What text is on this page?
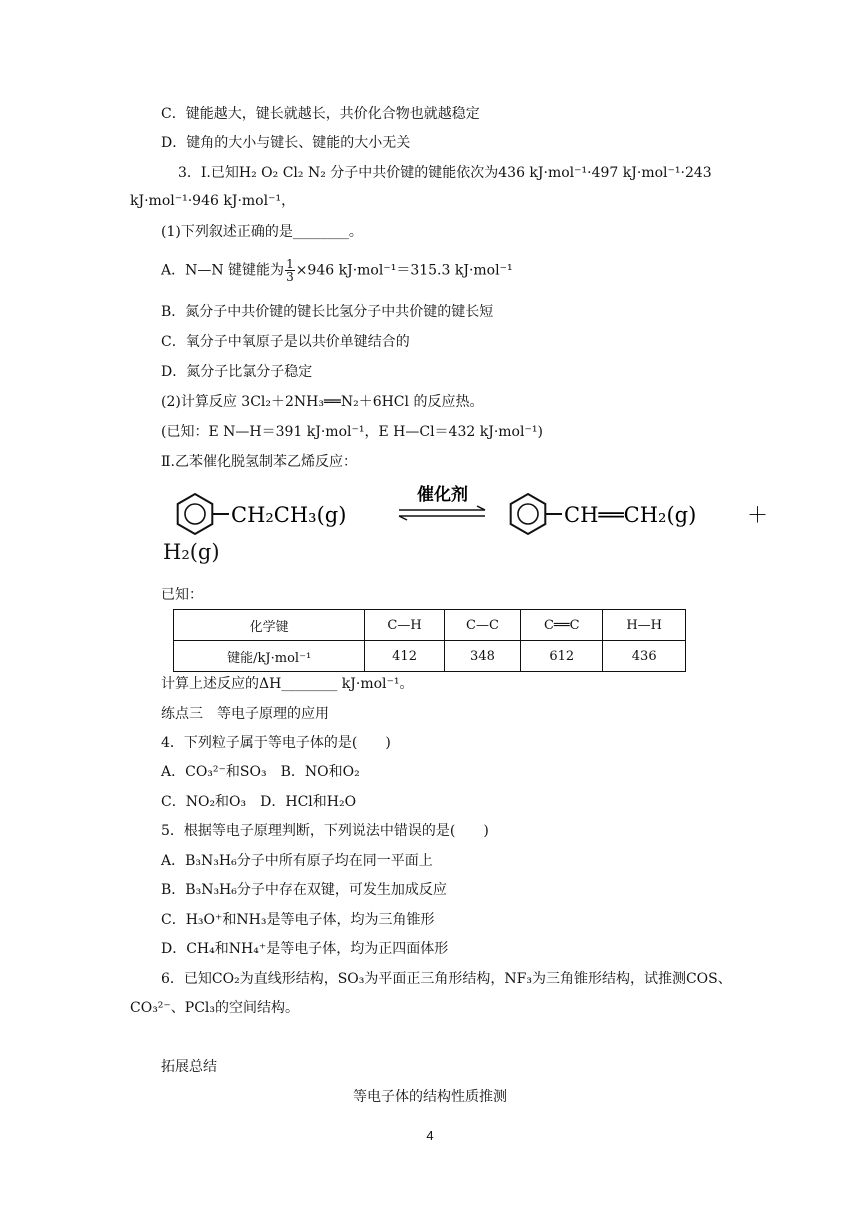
C．键能越大，键长就越长，共价化合物也就越稳定
D．键角的大小与键长、键能的大小无关
3．Ⅰ.已知H₂ O₂ Cl₂ N₂ 分子中共价键的键能依次为436 kJ·mol⁻¹·497 kJ·mol⁻¹·243
kJ·mol⁻¹·946 kJ·mol⁻¹，
(1)下列叙述正确的是________。
A．N—N 键键能为 $\frac{1}{3} \times 946$ kJ·mol⁻¹＝315.3 kJ·mol⁻¹
B．氮分子中共价键的键长比氢分子中共价键的键长短
C．氧分子中氧原子是以共价单键结合的
D．氮分子比氯分子稳定
(2)计算反应 3Cl₂＋2NH₃══N₂＋6HCl 的反应热。
(已知：E N—H＝391 kJ·mol⁻¹，E H—Cl＝432 kJ·mol⁻¹)
Ⅱ.乙苯催化脱氢制苯乙烯反应：
CH₂CH₃(g)
催化剂
CH══CH₂(g) ＋
H₂(g)
已知：
化学键	C—H	C—C	C══C	H—H
键能/kJ·mol⁻¹	412	348	612	436
计算上述反应的ΔH________ kJ·mol⁻¹。
练点三　等电子原理的应用
4．下列粒子属于等电子体的是(　　)
A．CO₃²⁻和SO₃　B．NO和O₂
C．NO₂和O₃　D．HCl和H₂O
5．根据等电子原理判断，下列说法中错误的是(　　)
A．B₃N₃H₆分子中所有原子均在同一平面上
B．B₃N₃H₆分子中存在双键，可发生加成反应
C．H₃O⁺和NH₃是等电子体，均为三角锥形
D．CH₄和NH₄⁺是等电子体，均为正四面体形
6．已知CO₂为直线形结构，SO₃为平面正三角形结构，NF₃为三角锥形结构，试推测COS、
CO₃²⁻、PCl₃的空间结构。
拓展总结
等电子体的结构性质推测
4
